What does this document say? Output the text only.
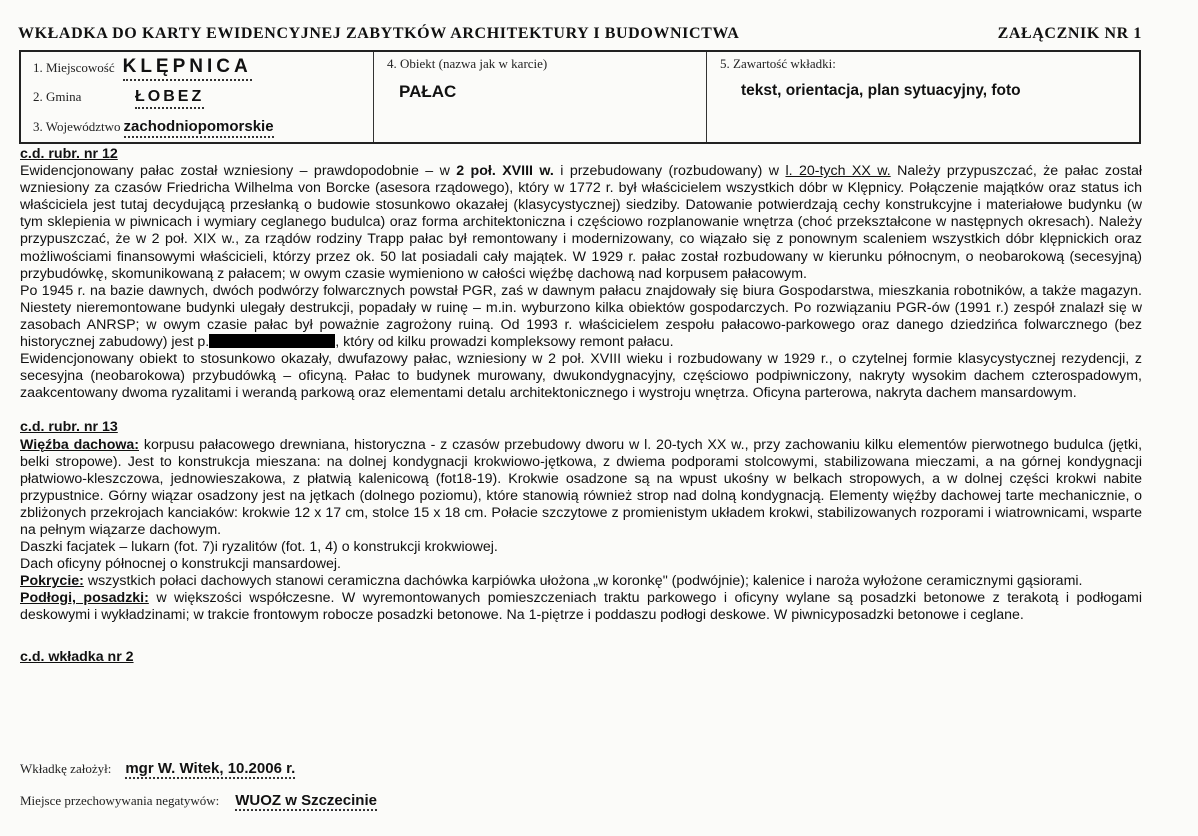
WKŁADKA DO KARTY EWIDENCYJNEJ ZABYTKÓW ARCHITEKTURY I BUDOWNICTWA	ZAŁĄCZNIK NR 1
1. Miejscowość KLĘPNICA
2. Gmina	ŁOBEZ
3. Województwo zachodniopomorskie
4. Obiekt (nazwa jak w karcie)
PAŁAC
5. Zawartość wkładki:
tekst, orientacja, plan sytuacyjny, foto
c.d. rubr. nr 12

Ewidencjonowany pałac został wzniesiony – prawdopodobnie – w 2 poł. XVIII w. i przebudowany (rozbudowany) w l. 20-tych XX w. Należy przypuszczać, że pałac został wzniesiony za czasów Friedricha Wilhelma von Borcke (asesora rządowego), który w 1772 r. był właścicielem wszystkich dóbr w Klępnicy. Połączenie majątków oraz status ich właściciela jest tutaj decydującą przesłanką o budowie stosunkowo okazałej (klasycystycznej) siedziby. Datowanie potwierdzają cechy konstrukcyjne i materiałowe budynku (w tym sklepienia w piwnicach i wymiary ceglanego budulca) oraz forma architektoniczna i częściowo rozplanowanie wnętrza (choć przekształcone w następnych okresach). Należy przypuszczać, że w 2 poł. XIX w., za rządów rodziny Trapp pałac był remontowany i modernizowany, co wiązało się z ponownym scaleniem wszystkich dóbr klępnickich oraz możliwościami finansowymi właścicieli, którzy przez ok. 50 lat posiadali cały majątek. W 1929 r. pałac został rozbudowany w kierunku północnym, o neobarokową (secesyjną) przybudówkę, skomunikowaną z pałacem; w owym czasie wymieniono w całości więźbę dachową nad korpusem pałacowym.

Po 1945 r. na bazie dawnych, dwóch podwórzy folwarcznych powstał PGR, zaś w dawnym pałacu znajdowały się biura Gospodarstwa, mieszkania robotników, a także magazyn. Niestety nieremontowane budynki ulegały destrukcji, popadały w ruinę – m.in. wyburzono kilka obiektów gospodarczych. Po rozwiązaniu PGR-ów (1991 r.) zespół znalazł się w zasobach ANRSP; w owym czasie pałac był poważnie zagrożony ruiną. Od 1993 r. właścicielem zespołu pałacowo-parkowego oraz danego dziedzińca folwarcznego (bez historycznej zabudowy) jest p.	, który od kilku prowadzi kompleksowy remont pałacu.

Ewidencjonowany obiekt to stosunkowo okazały, dwufazowy pałac, wzniesiony w 2 poł. XVIII wieku i rozbudowany w 1929 r., o czytelnej formie klasycystycznej rezydencji, z secesyjna (neobarokowa) przybudówką – oficyną. Pałac to budynek murowany, dwukondygnacyjny, częściowo podpiwniczony, nakryty wysokim dachem czterospadowym, zaakcentowany dwoma ryzalitami i werandą parkową oraz elementami detalu architektonicznego i wystroju wnętrza. Oficyna parterowa, nakryta dachem mansardowym.

c.d. rubr. nr 13

Więźba dachowa: korpusu pałacowego drewniana, historyczna - z czasów przebudowy dworu w l. 20-tych XX w., przy zachowaniu kilku elementów pierwotnego budulca (jętki, belki stropowe). Jest to konstrukcja mieszana: na dolnej kondygnacji krokwiowo-jętkowa, z dwiema podporami stolcowymi, stabilizowana mieczami, a na górnej kondygnacji płatwiowo-kleszczowa, jednowieszakowa, z płatwią kalenicową (fot18-19). Krokwie osadzone są na wpust ukośny w belkach stropowych, a w dolnej części krokwi nabite przypustnice. Górny wiązar osadzony jest na jętkach (dolnego poziomu), które stanowią również strop nad dolną kondygnacją. Elementy więźby dachowej tarte mechanicznie, o zbliżonych przekrojach kanciaków: krokwie 12 x 17 cm, stolce 15 x 18 cm. Połacie szczytowe z promienistym układem krokwi, stabilizowanych rozporami i wiatrownicami, wsparte na pełnym wiązarze dachowym.

Daszki facjatek – lukarn (fot. 7)i ryzalitów (fot. 1, 4) o konstrukcji krokwiowej.

Dach oficyny północnej o konstrukcji mansardowej.

Pokrycie: wszystkich połaci dachowych stanowi ceramiczna dachówka karpiówka ułożona „w koronkę" (podwójnie); kalenice i naroża wyłożone ceramicznymi gąsiorami.

Podłogi, posadzki: w większości współczesne. W wyremontowanych pomieszczeniach traktu parkowego i oficyny wylane są posadzki betonowe z terakotą i podłogami deskowymi i wykładzinami; w trakcie frontowym robocze posadzki betonowe. Na 1-piętrze i poddaszu podłogi deskowe. W piwnicyposadzki betonowe i ceglane.

c.d. wkładka nr 2
Wkładkę założył: mgr W. Witek, 10.2006 r.
Miejsce przechowywania negatywów: WUOZ w Szczecinie
